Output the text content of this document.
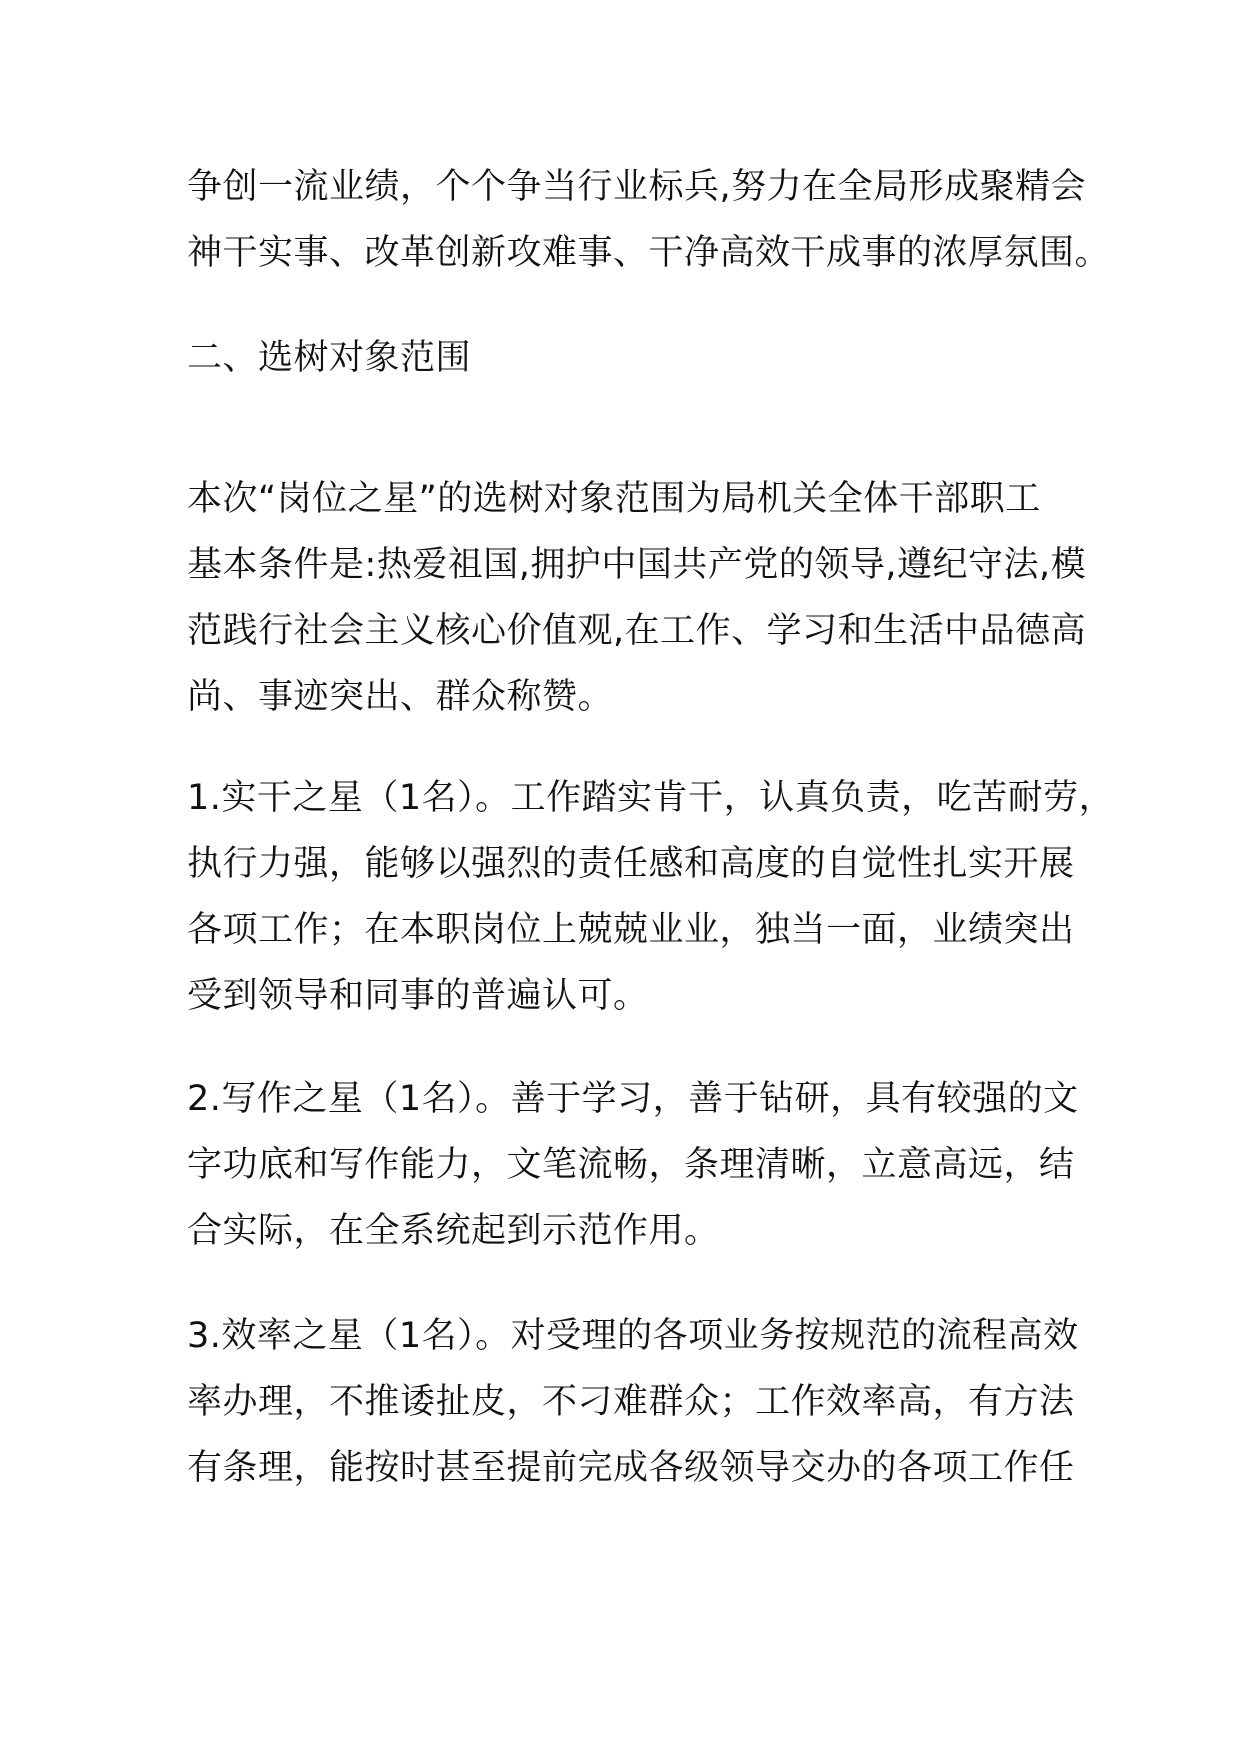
争创一流业绩，个个争当行业标兵,努力在全局形成聚精会
神干实事、改革创新攻难事、干净高效干成事的浓厚氛围。

二、选树对象范围

本次“岗位之星”的选树对象范围为局机关全体干部职工
基本条件是:热爱祖国,拥护中国共产党的领导,遵纪守法,模
范践行社会主义核心价值观,在工作、学习和生活中品德高
尚、事迹突出、群众称赞。

1.实干之星（1名）。工作踏实肯干，认真负责，吃苦耐劳，
执行力强，能够以强烈的责任感和高度的自觉性扎实开展
各项工作；在本职岗位上兢兢业业，独当一面，业绩突出
受到领导和同事的普遍认可。

2.写作之星（1名）。善于学习，善于钻研，具有较强的文
字功底和写作能力，文笔流畅，条理清晰，立意高远，结
合实际，在全系统起到示范作用。

3.效率之星（1名）。对受理的各项业务按规范的流程高效
率办理，不推诿扯皮，不刁难群众；工作效率高，有方法
有条理，能按时甚至提前完成各级领导交办的各项工作任
